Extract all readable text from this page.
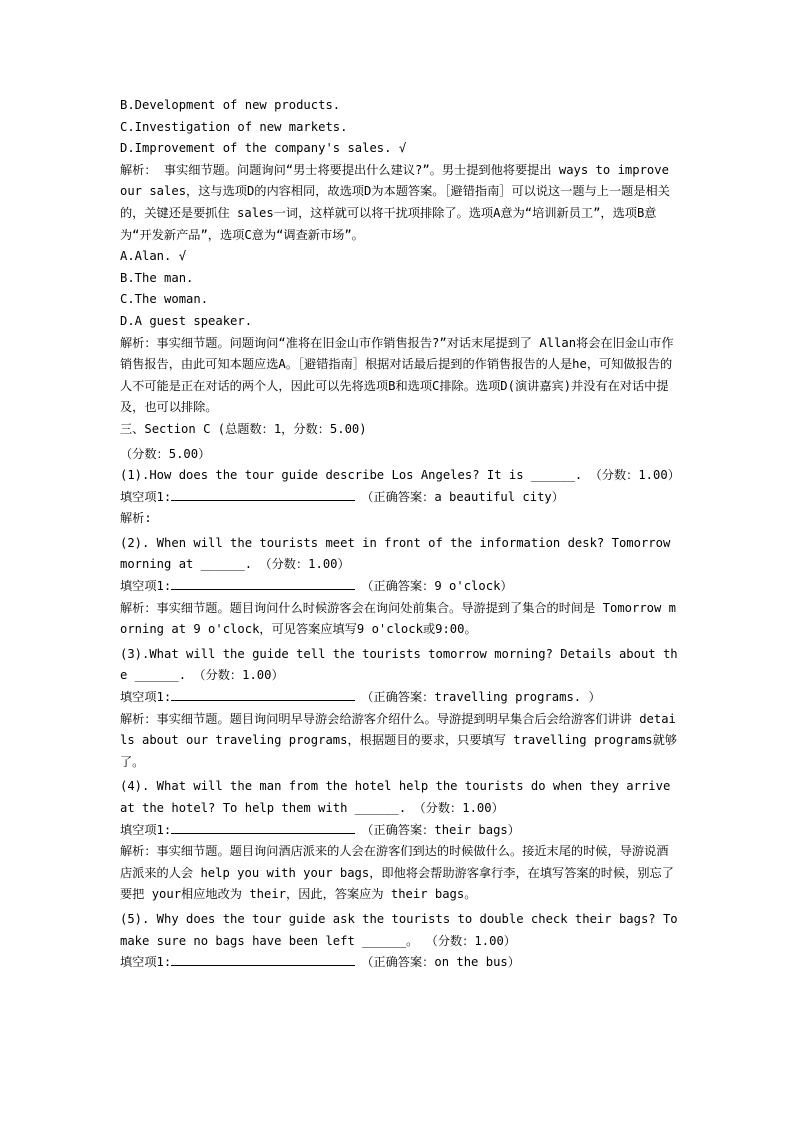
B.Development of new products.
C.Investigation of new markets.
D.Improvement of the company's sales. √
解析： 事实细节题。问题询问“男士将要提出什么建议?”。男士提到他将要提出 ways to improve our sales，这与选项D的内容相同，故选项D为本题答案。［避错指南］可以说这一题与上一题是相关的，关键还是要抓住 sales一词，这样就可以将干扰项排除了。选项A意为“培训新员工”，选项B意为“开发新产品”，选项C意为“调查新市场”。
A.Alan. √
B.The man.
C.The woman.
D.A guest speaker.
解析：事实细节题。问题询问“准将在旧金山市作销售报告?”对话末尾提到了 Allan将会在旧金山市作销售报告，由此可知本题应选A。［避错指南］根据对话最后提到的作销售报告的人是he，可知做报告的人不可能是正在对话的两个人，因此可以先将选项B和选项C排除。选项D(演讲嘉宾)并没有在对话中提及，也可以排除。
三、Section C (总题数：1，分数：5.00)
（分数：5.00）
(1).How does the tour guide describe Los Angeles? It is ______. （分数：1.00）
填空项1:	（正确答案：a beautiful city）
解析:
(2). When will the tourists meet in front of the information desk? Tomorrow morning at ______. （分数：1.00）
填空项1:	（正确答案：9 o'clock）
解析：事实细节题。题目询问什么时候游客会在询问处前集合。导游提到了集合的时间是 Tomorrow morning at 9 o'clock，可见答案应填写9 o'clock或9:00。
(3).What will the guide tell the tourists tomorrow morning? Details about the ______. （分数：1.00）
填空项1:	（正确答案：travelling programs. ）
解析：事实细节题。题目询问明早导游会给游客介绍什么。导游提到明早集合后会给游客们讲讲 details about our traveling programs，根据题目的要求，只要填写 travelling programs就够了。
(4). What will the man from the hotel help the tourists do when they arrive at the hotel? To help them with ______. （分数：1.00）
填空项1:	（正确答案：their bags）
解析：事实细节题。题目询问酒店派来的人会在游客们到达的时候做什么。接近末尾的时候，导游说酒店派来的人会 help you with your bags，即他将会帮助游客拿行李，在填写答案的时候，别忘了要把 your相应地改为 their，因此，答案应为 their bags。
(5). Why does the tour guide ask the tourists to double check their bags? To make sure no bags have been left ______。 （分数：1.00）
填空项1:	（正确答案：on the bus）
